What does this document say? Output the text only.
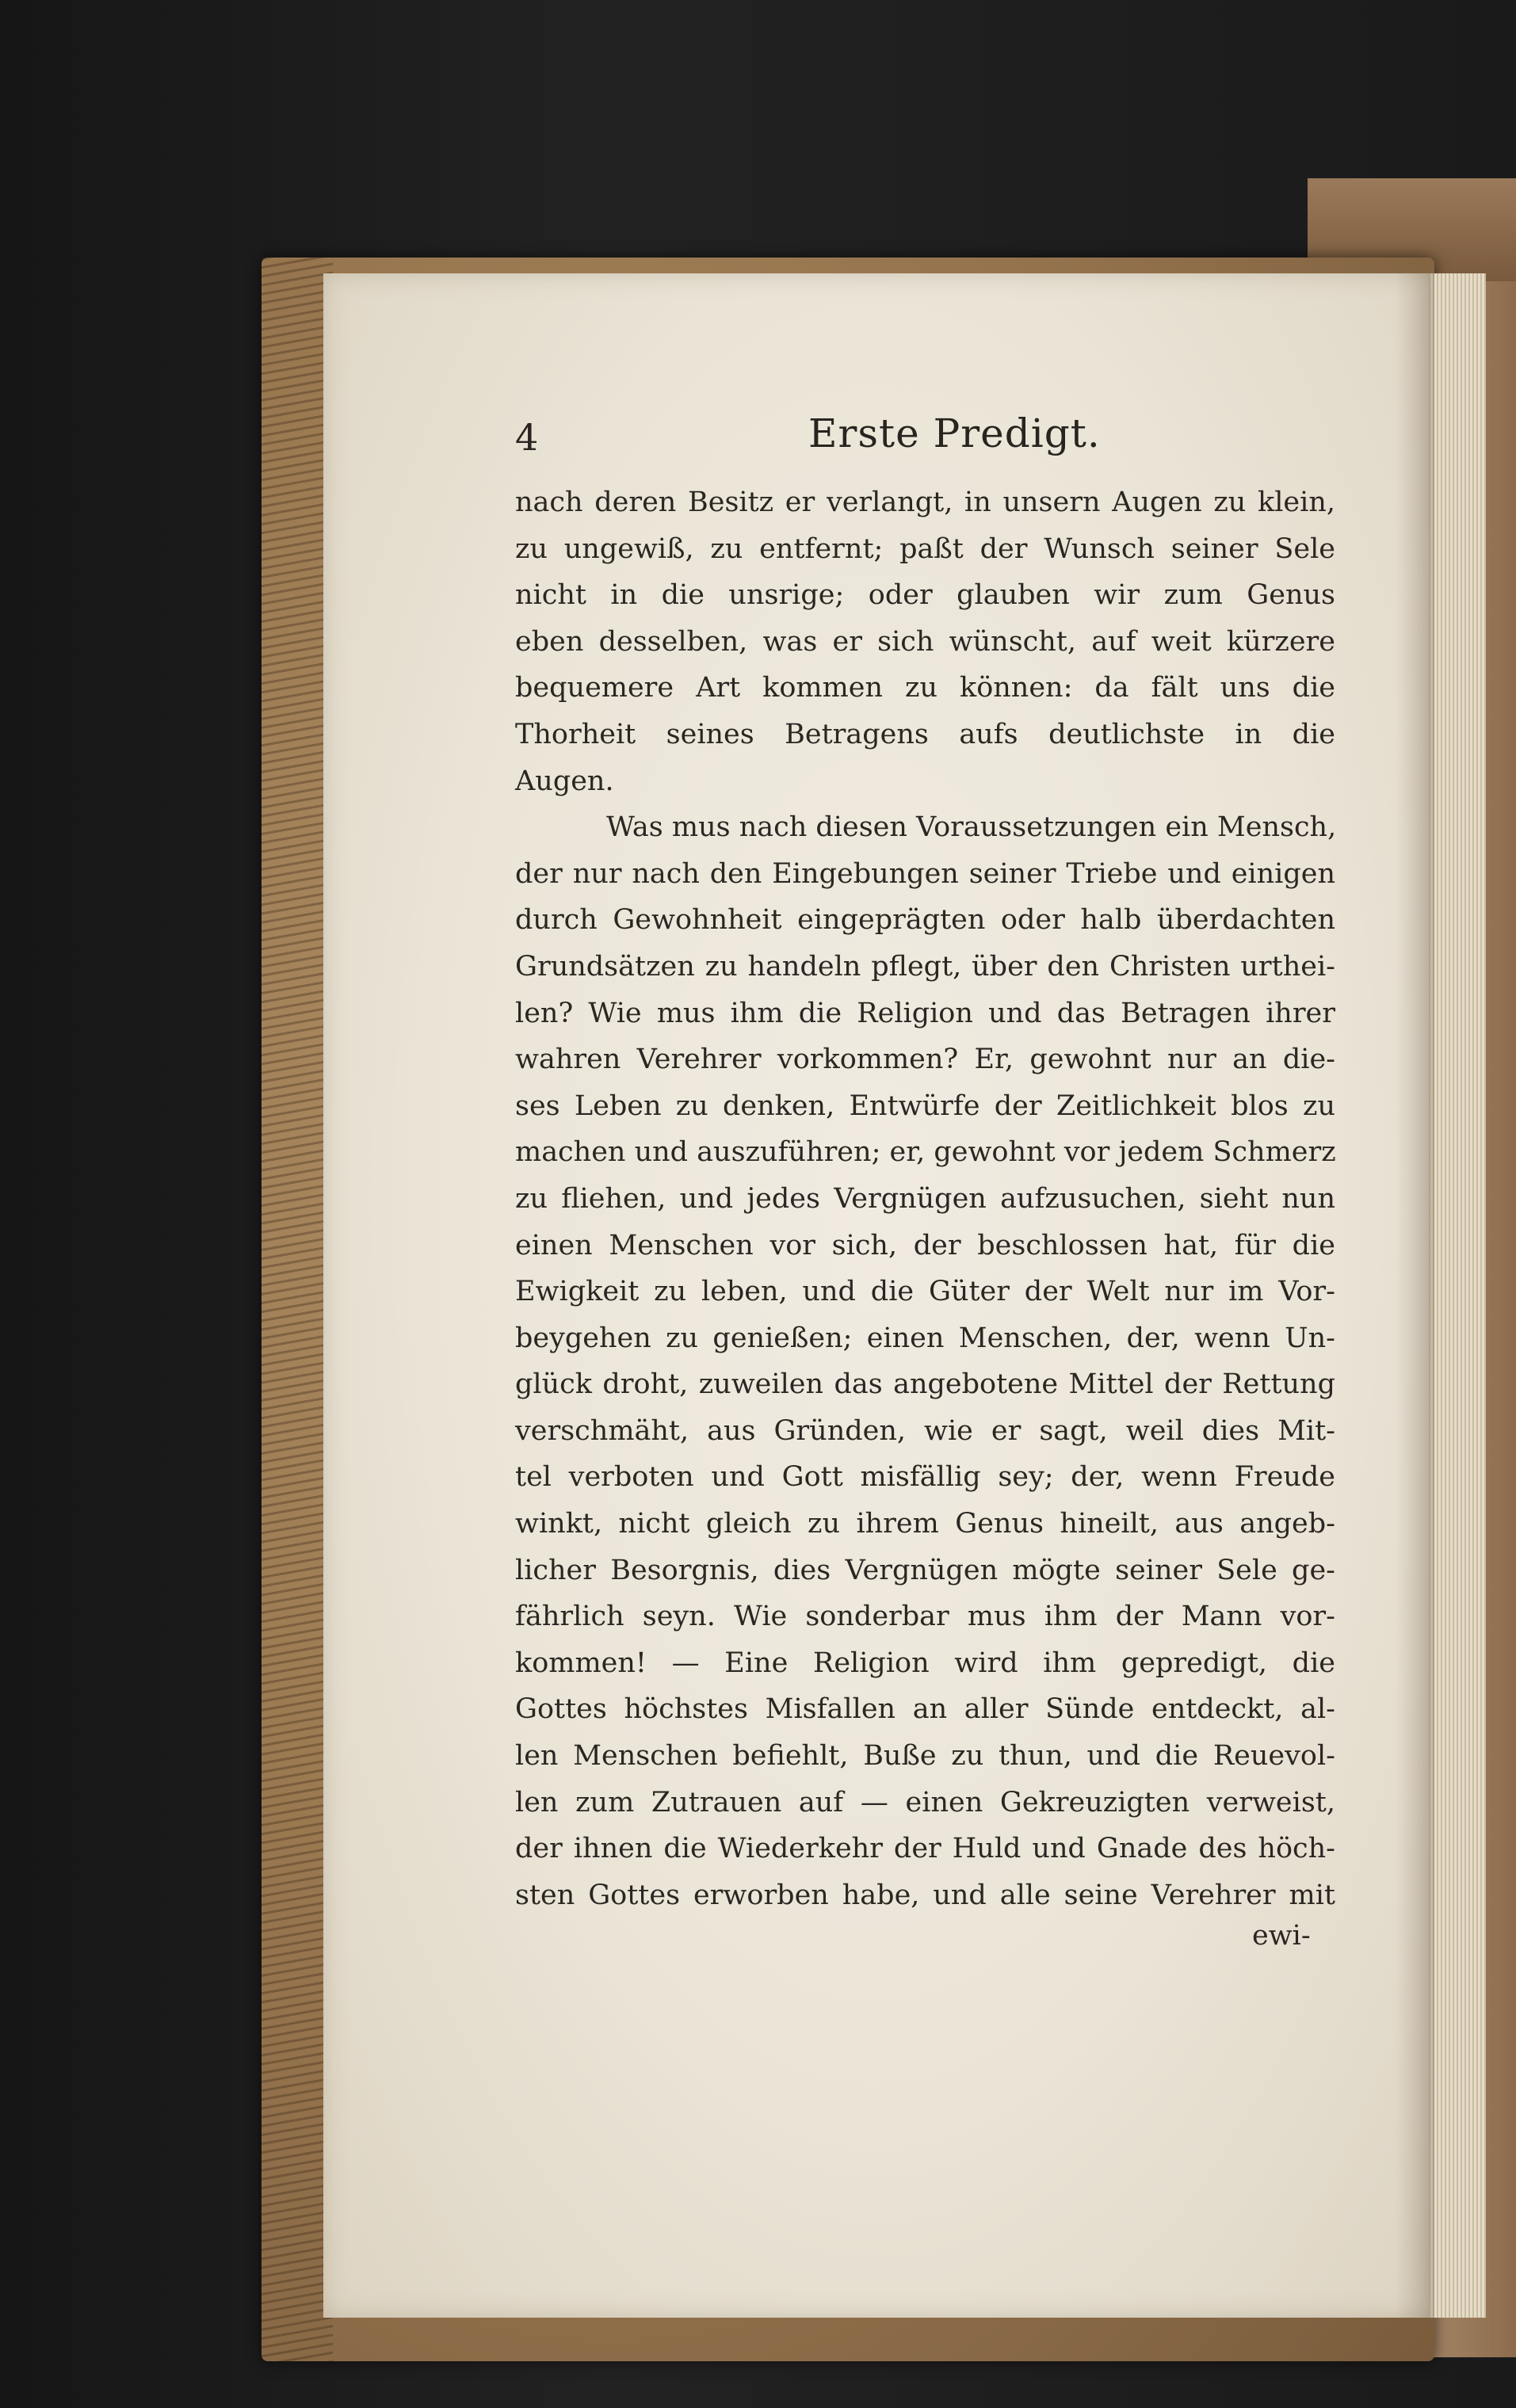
4	Erste Predigt.
nach deren Besitz er verlangt, in unsern Augen zu klein,
zu ungewiß, zu entfernt; paßt der Wunsch seiner Sele
nicht in die unsrige; oder glauben wir zum Genus
eben desselben, was er sich wünscht, auf weit kürzere
bequemere Art kommen zu können: da fält uns die
Thorheit seines Betragens aufs deutlichste in die
Augen.
Was mus nach diesen Voraussetzungen ein Mensch,
der nur nach den Eingebungen seiner Triebe und einigen
durch Gewohnheit eingeprägten oder halb überdachten
Grundsätzen zu handeln pflegt, über den Christen urthei-
len? Wie mus ihm die Religion und das Betragen ihrer
wahren Verehrer vorkommen? Er, gewohnt nur an die-
ses Leben zu denken, Entwürfe der Zeitlichkeit blos zu
machen und auszuführen; er, gewohnt vor jedem Schmerz
zu fliehen, und jedes Vergnügen aufzusuchen, sieht nun
einen Menschen vor sich, der beschlossen hat, für die
Ewigkeit zu leben, und die Güter der Welt nur im Vor-
beygehen zu genießen; einen Menschen, der, wenn Un-
glück droht, zuweilen das angebotene Mittel der Rettung
verschmäht, aus Gründen, wie er sagt, weil dies Mit-
tel verboten und Gott misfällig sey; der, wenn Freude
winkt, nicht gleich zu ihrem Genus hineilt, aus angeb-
licher Besorgnis, dies Vergnügen mögte seiner Sele ge-
fährlich seyn. Wie sonderbar mus ihm der Mann vor-
kommen! — Eine Religion wird ihm gepredigt, die
Gottes höchstes Misfallen an aller Sünde entdeckt, al-
len Menschen befiehlt, Buße zu thun, und die Reuevol-
len zum Zutrauen auf — einen Gekreuzigten verweist,
der ihnen die Wiederkehr der Huld und Gnade des höch-
sten Gottes erworben habe, und alle seine Verehrer mit
ewi-
